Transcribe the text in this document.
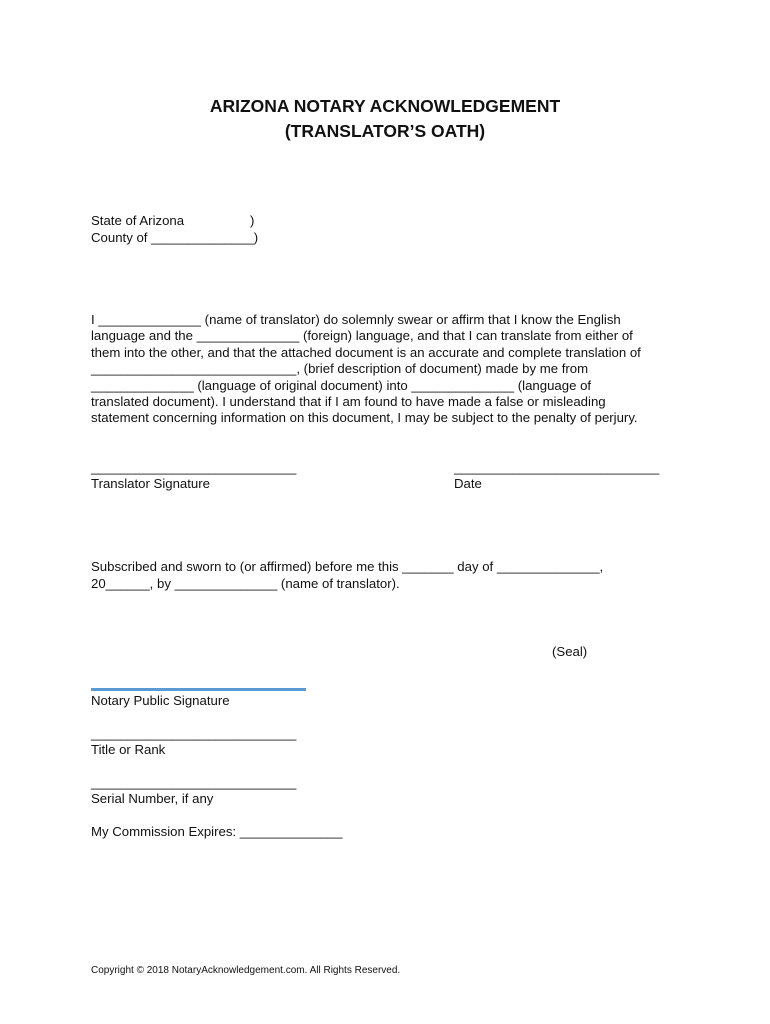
ARIZONA NOTARY ACKNOWLEDGEMENT
(TRANSLATOR’S OATH)
State of Arizona                  )
County of ______________)
I ______________ (name of translator) do solemnly swear or affirm that I know the English
language and the ______________ (foreign) language, and that I can translate from either of
them into the other, and that the attached document is an accurate and complete translation of
____________________________, (brief description of document) made by me from
______________ (language of original document) into ______________ (language of
translated document). I understand that if I am found to have made a false or misleading
statement concerning information on this document, I may be subject to the penalty of perjury.
____________________________
Translator Signature
____________________________
Date
Subscribed and sworn to (or affirmed) before me this _______ day of ______________,
20______, by ______________ (name of translator).
(Seal)
Notary Public Signature
____________________________
Title or Rank
____________________________
Serial Number, if any
My Commission Expires: ______________
Copyright © 2018 NotaryAcknowledgement.com. All Rights Reserved.
